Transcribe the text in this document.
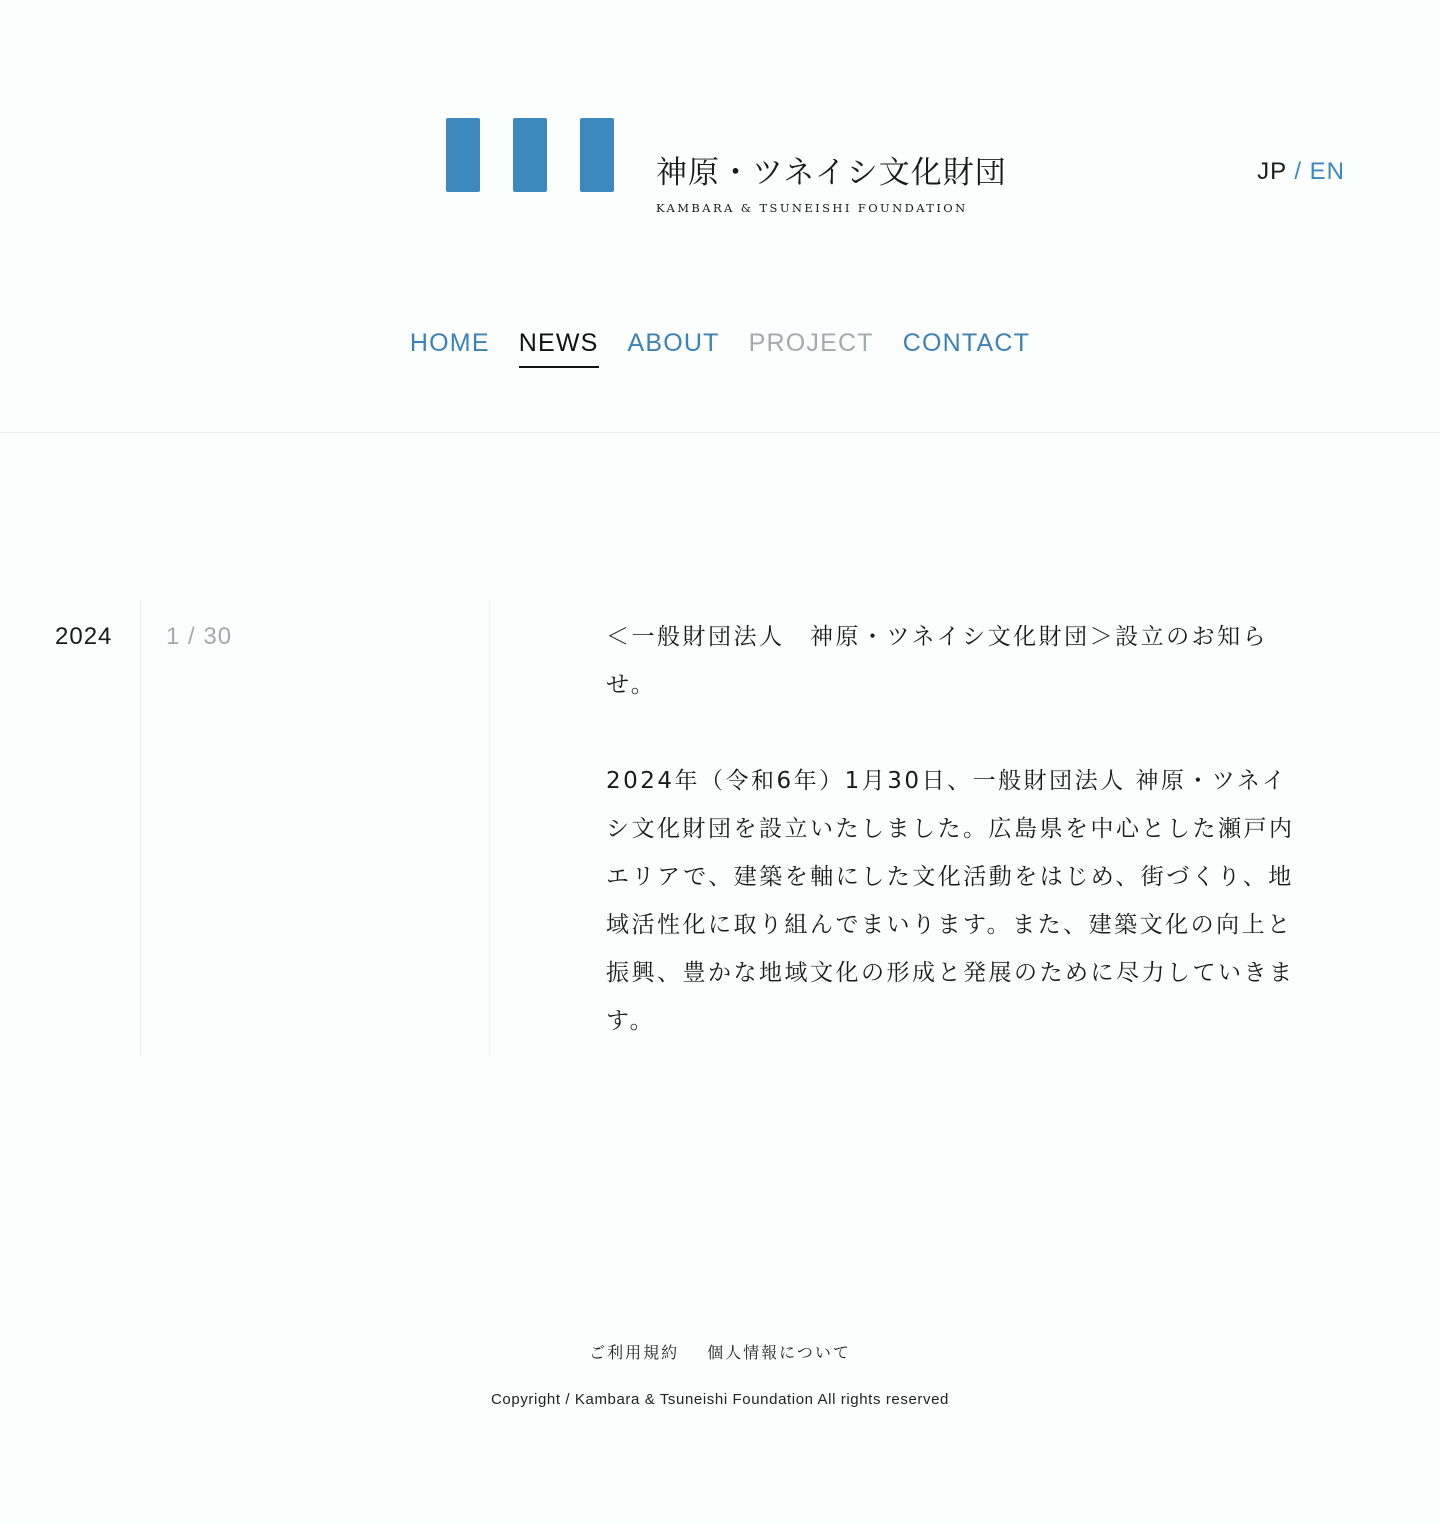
神原・ツネイシ文化財団
KAMBARA & TSUNEISHI FOUNDATION
JP / EN
HOME NEWS ABOUT PROJECT CONTACT
2024 1 / 30	＜一般財団法人　神原・ツネイシ文化財団＞設立のお知らせ。

2024年（令和6年）1月30日、一般財団法人 神原・ツネイシ文化財団を設立いたしました。広島県を中心とした瀬戸内エリアで、建築を軸にした文化活動をはじめ、街づくり、地域活性化に取り組んでまいります。また、建築文化の向上と振興、豊かな地域文化の形成と発展のために尽力していきます。

ご利用規約 個人情報について
Copyright / Kambara & Tsuneishi Foundation All rights reserved
